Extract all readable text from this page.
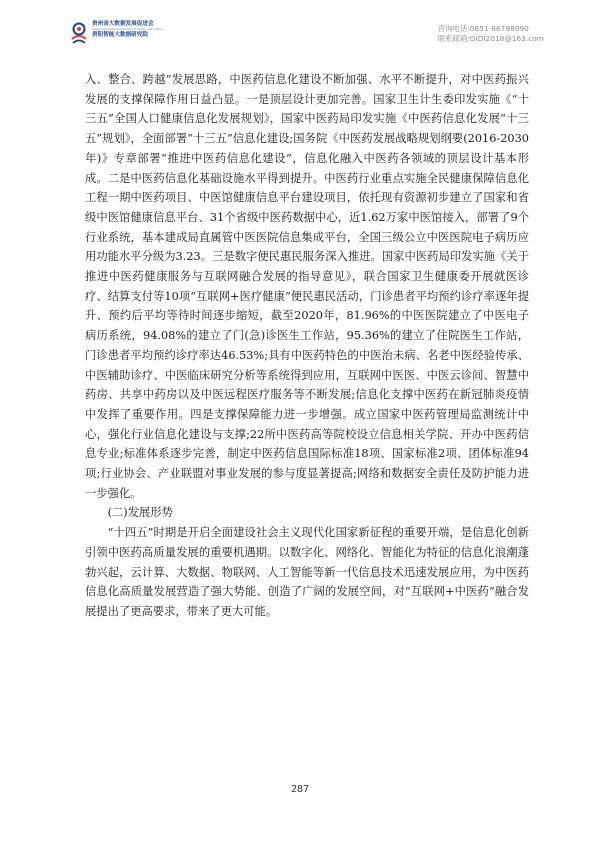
贵州省大数据发展促进会
Guizhou Big Data Development Promotion Association
贵阳智能大数据研究院
咨询电话:0851-86798090
联系邮箱:GIDI2018@163.com

入、整合、跨越”发展思路，中医药信息化建设不断加强、水平不断提升，对中医药振兴发展的支撑保障作用日益凸显。一是顶层设计更加完善。国家卫生计生委印发实施《“十三五”全国人口健康信息化发展规划》，国家中医药局印发实施《中医药信息化发展“十三五”规划》，全面部署“十三五”信息化建设;国务院《中医药发展战略规划纲要(2016-2030年)》专章部署“推进中医药信息化建设”，信息化融入中医药各领域的顶层设计基本形成。二是中医药信息化基础设施水平得到提升。中医药行业重点实施全民健康保障信息化工程一期中医药项目、中医馆健康信息平台建设项目，依托现有资源初步建立了国家和省级中医馆健康信息平台、31个省级中医药数据中心，近1.62万家中医馆接入，部署了9个行业系统，基本建成局直属管中医医院信息集成平台，全国三级公立中医医院电子病历应用功能水平分级为3.23。三是数字便民惠民服务深入推进。国家中医药局印发实施《关于推进中医药健康服务与互联网融合发展的指导意见》，联合国家卫生健康委开展就医诊疗、结算支付等10项“互联网+医疗健康”便民惠民活动，门诊患者平均预约诊疗率逐年提升、预约后平均等待时间逐步缩短，截至2020年，81.96%的中医医院建立了中医电子病历系统，94.08%的建立了门(急)诊医生工作站，95.36%的建立了住院医生工作站，门诊患者平均预约诊疗率达46.53%;具有中医药特色的中医治未病、名老中医经验传承、中医辅助诊疗、中医临床研究分析等系统得到应用，互联网中医医、中医云诊间、智慧中药房、共享中药房以及中医远程医疗服务等不断发展;信息化支撑中医药在新冠肺炎疫情中发挥了重要作用。四是支撑保障能力进一步增强。成立国家中医药管理局监测统计中心，强化行业信息化建设与支撑;22所中医药高等院校设立信息相关学院、开办中医药信息专业;标准体系逐步完善，制定中医药信息国际标准18项、国家标准2项、团体标准94项;行业协会、产业联盟对事业发展的参与度显著提高;网络和数据安全责任及防护能力进一步强化。

(二)发展形势

“十四五”时期是开启全面建设社会主义现代化国家新征程的重要开端，是信息化创新引领中医药高质量发展的重要机遇期。以数字化、网络化、智能化为特征的信息化浪潮蓬勃兴起，云计算、大数据、物联网、人工智能等新一代信息技术迅速发展应用，为中医药信息化高质量发展营造了强大势能、创造了广阔的发展空间，对“互联网+中医药”融合发展提出了更高要求，带来了更大可能。

287
